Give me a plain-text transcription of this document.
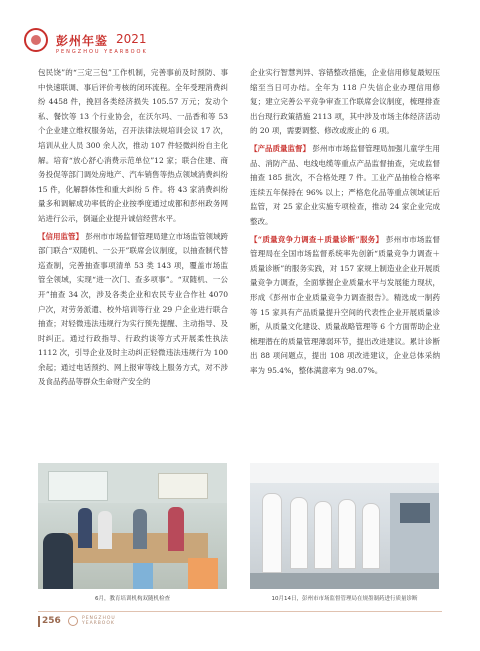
彭州年鉴 2021
PENGZHOU YEARBOOK

包民饶”的“三定三包”工作机制，完善事前及时预防、事中快速联调、事后评价考核的闭环流程。全年受理消费纠纷 4458 件，挽回各类经济损失 105.57 万元；发动个私、餐饮等 13 个行业协会，在沃尔玛、一品香和等 53 个企业建立维权服务站，召开法律法规培训会议 17 次，培训从业人员 300 余人次，推动 107 件轻微纠纷自主化解。培育“放心舒心消费示范单位”12 家；联合住建、商务投促等部门调处房地产、汽车销售等热点领域消费纠纷 15 件，化解群体性和重大纠纷 5 件。将 43 家消费纠纷量多和调解成功率低的企业按季度通过成都和彭州政务网站进行公示，倒逼企业提升诚信经营水平。

【信用监管】 彭州市市场监督管理局建立市场监管领域跨部门联合“双随机、一公开”联席会议制度，以抽查制代替巡查制，完善抽查事项清单 53 类 143 项，覆盖市场监管全领域，实现“进一次门、查多项事”。“双随机、一公开”抽查 34 次，涉及各类企业和农民专业合作社 4070 户次，对劳务派遣、校外培训等行业 29 户企业进行联合抽查；对轻微违法违规行为实行预先提醒、主动指导、及时纠正。通过行政指导、行政约谈等方式开展柔性执法 1112 次，引导企业及时主动纠正轻微违法违规行为 100 余起；通过电话预约、网上报审等线上服务方式，对不涉及食品药品等群众生命财产安全的

企业实行智慧判异、容错整改措施，企业信用修复最短压缩至当日可办结。全年为 118 户失信企业办理信用修复；建立完善公平竞争审查工作联席会议制度，梳理排查出台现行政策措施 2113 项，其中涉及市场主体经济活动的 20 项，需要调整、修改或废止的 6 项。

【产品质量监督】 彭州市市场监督管理局加强儿童学生用品、消防产品、电线电缆等重点产品监督抽查，完成监督抽查 185 批次，不合格处理 7 件。工业产品抽检合格率连续五年保持在 96% 以上；严格危化品等重点领域证后监管，对 25 家企业实施专项检查，推动 24 家企业完成整改。

【“质量竞争力调查＋质量诊断”服务】 彭州市市场监督管理局在全国市场监督系统率先创新“质量竞争力调查＋质量诊断”的服务实践，对 157 家规上制造业企业开展质量竞争力调查，全面掌握企业质量水平与发展能力现状，形成《彭州市企业质量竞争力调查报告》。精选成一制药等 15 家具有产品质量提升空间的代表性企业开展质量诊断，从质量文化建设、质量战略管理等 6 个方面帮助企业梳理潜在的质量管理薄弱环节，提出改进建议。累计诊断出 88 项问题点，提出 108 项改进建议，企业总体采纳率为 95.4%，整体满意率为 98.07%。

6月，教育培训机构双随机检查	10月14日，彭州市市场监督管理局在规墨制药进行质量诊断
256	PENGZHOU
YEARBOOK
